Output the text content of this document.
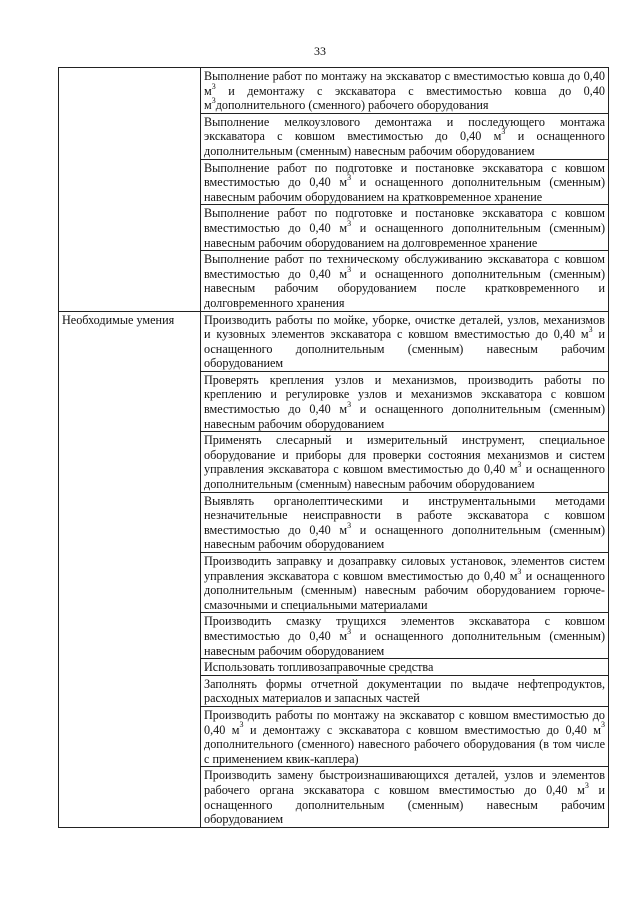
33
	Выполнение работ по монтажу на экскаватор с вместимостью ковша до 0,40 $м^3$ и демонтажу с экскаватора с вместимостью ковша до 0,40 $м^3дополнительного$ (сменного) рабочего оборудования
	Выполнение мелкоузлового демонтажа и последующего монтажа экскаватора с ковшом вместимостью до 0,40 $м^3$ и оснащенного дополнительным (сменным) навесным рабочим оборудованием
	Выполнение работ по подготовке и постановке экскаватора с ковшом вместимостью до 0,40 $м^3$ и оснащенного дополнительным (сменным) навесным рабочим оборудованием на кратковременное хранение
	Выполнение работ по подготовке и постановке экскаватора с ковшом вместимостью до 0,40 $м^3$ и оснащенного дополнительным (сменным) навесным рабочим оборудованием на долговременное хранение
	Выполнение работ по техническому обслуживанию экскаватора с ковшом вместимостью до 0,40 $м^3$ и оснащенного дополнительным (сменным) навесным рабочим оборудованием после кратковременного и долговременного хранения
Необходимые умения	Производить работы по мойке, уборке, очистке деталей, узлов, механизмов и кузовных элементов экскаватора с ковшом вместимостью до 0,40 $м^3$ и оснащенного дополнительным (сменным) навесным рабочим оборудованием
	Проверять крепления узлов и механизмов, производить работы по креплению и регулировке узлов и механизмов экскаватора с ковшом вместимостью до 0,40 $м^3$ и оснащенного дополнительным (сменным) навесным рабочим оборудованием
	Применять слесарный и измерительный инструмент, специальное оборудование и приборы для проверки состояния механизмов и систем управления экскаватора с ковшом вместимостью до 0,40 $м^3$ и оснащенного дополнительным (сменным) навесным рабочим оборудованием
	Выявлять органолептическими и инструментальными методами незначительные неисправности в работе экскаватора с ковшом вместимостью до 0,40 $м^3$ и оснащенного дополнительным (сменным) навесным рабочим оборудованием
	Производить заправку и дозаправку силовых установок, элементов систем управления экскаватора с ковшом вместимостью до 0,40 $м^3$ и оснащенного дополнительным (сменным) навесным рабочим оборудованием горюче-смазочными и специальными материалами
	Производить смазку трущихся элементов экскаватора с ковшом вместимостью до 0,40 $м^3$ и оснащенного дополнительным (сменным) навесным рабочим оборудованием
	Использовать топливозаправочные средства
	Заполнять формы отчетной документации по выдаче нефтепродуктов, расходных материалов и запасных частей
	Производить работы по монтажу на экскаватор с ковшом вместимостью до 0,40 $м^3$ и демонтажу с экскаватора с ковшом вместимостью до 0,40 $м^3$ дополнительного (сменного) навесного рабочего оборудования (в том числе с применением квик-каплера)
	Производить замену быстроизнашивающихся деталей, узлов и элементов рабочего органа экскаватора с ковшом вместимостью до 0,40 $м^3$ и оснащенного дополнительным (сменным) навесным рабочим оборудованием
